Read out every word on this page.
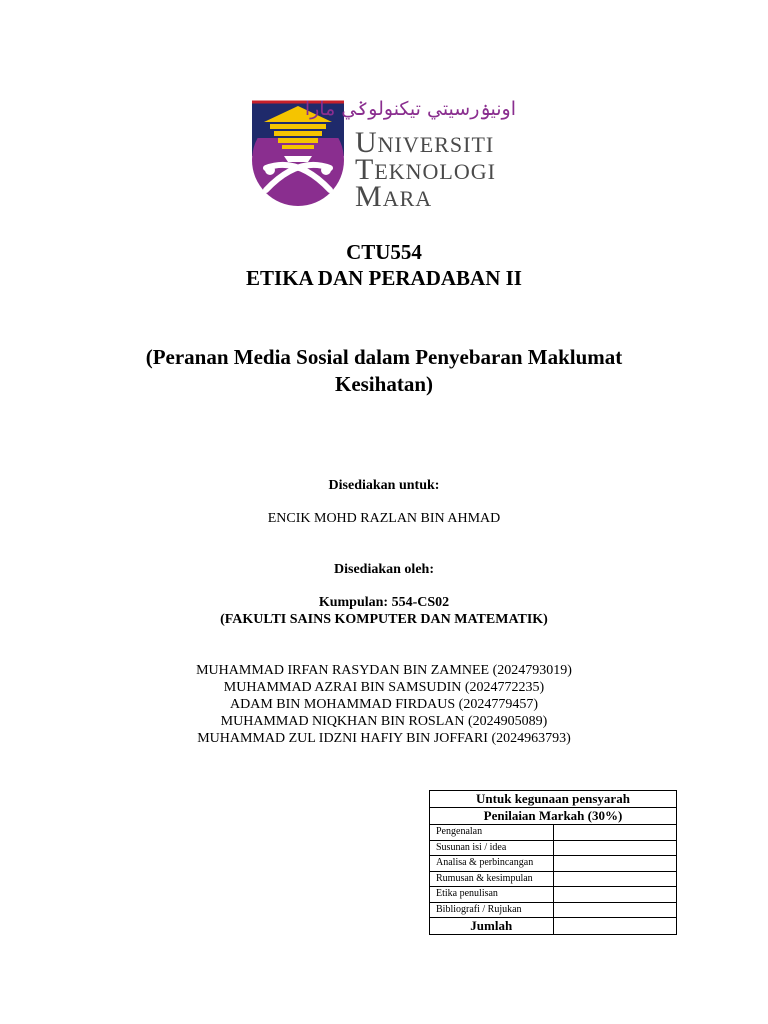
اونيۏرسيتي تيكنولوݢي مارا
UNIVERSITI
TEKNOLOGI
MARA
CTU554
ETIKA DAN PERADABAN II
(Peranan Media Sosial dalam Penyebaran Maklumat
Kesihatan)
Disediakan untuk:
ENCIK MOHD RAZLAN BIN AHMAD
Disediakan oleh:
Kumpulan: 554-CS02
(FAKULTI SAINS KOMPUTER DAN MATEMATIK)
MUHAMMAD IRFAN RASYDAN BIN ZAMNEE (2024793019)
MUHAMMAD AZRAI BIN SAMSUDIN (2024772235)
ADAM BIN MOHAMMAD FIRDAUS (2024779457)
MUHAMMAD NIQKHAN BIN ROSLAN (2024905089)
MUHAMMAD ZUL IDZNI HAFIY BIN JOFFARI (2024963793)
Untuk kegunaan pensyarah	
Penilaian Markah (30%)	
Pengenalan	
Susunan isi / idea	
Analisa & perbincangan	
Rumusan & kesimpulan	
Etika penulisan	
Bibliografi / Rujukan	
Jumlah	
